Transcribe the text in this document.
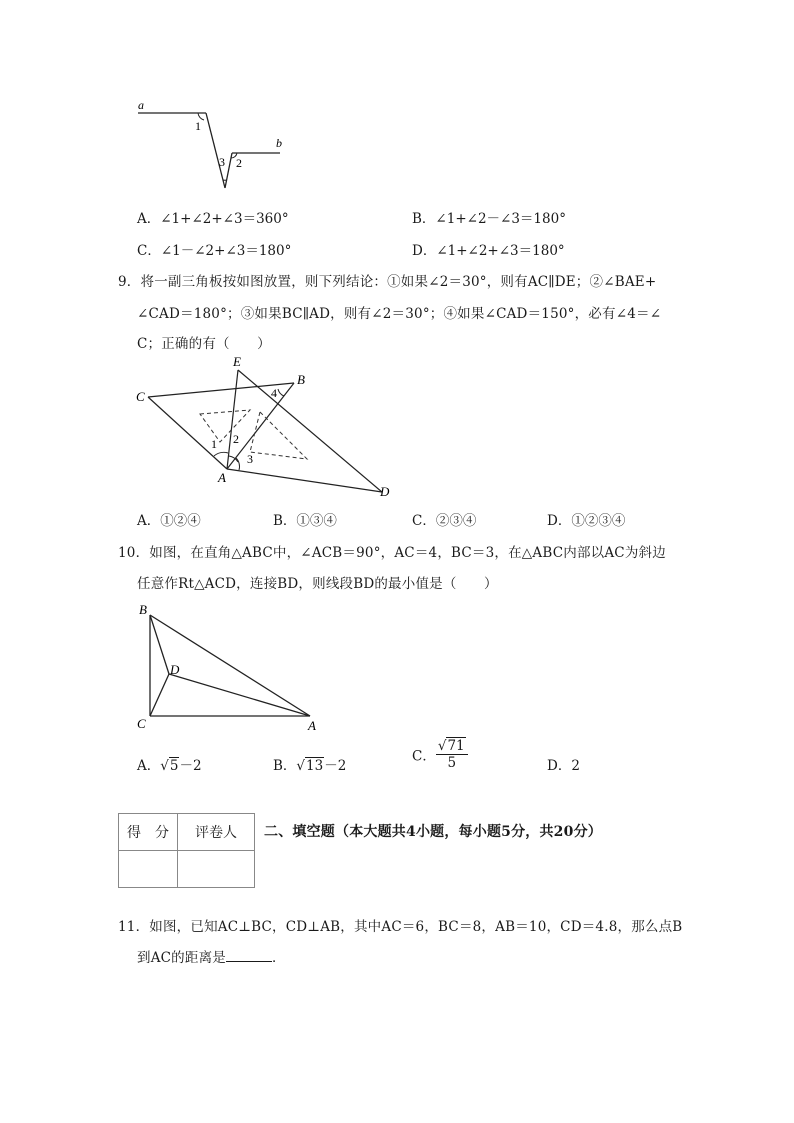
a
b
1
3 2
A．∠1+∠2+∠3＝360°	B．∠1+∠2－∠3＝180°
C．∠1－∠2+∠3＝180°	D．∠1+∠2+∠3＝180°
9．将一副三角板按如图放置，则下列结论：①如果∠2＝30°，则有AC∥DE；②∠BAE+
∠CAD＝180°；③如果BC∥AD，则有∠2＝30°；④如果∠CAD＝150°，必有∠4＝∠
C；正确的有（　　）
E
B
C
A
D
1 2
3
4
A．①②④	B．①③④	C．②③④	D．①②③④
10．如图，在直角△ABC中，∠ACB＝90°，AC＝4，BC＝3，在△ABC内部以AC为斜边
任意作Rt△ACD，连接BD，则线段BD的最小值是（　　）
B
D
C	A
A．√5－2	B．√13－2
C． $\frac{√71}{5}$	D．2
得　分	评卷人
	二、填空题（本大题共4小题，每小题5分，共20分）
11．如图，已知AC⊥BC，CD⊥AB，其中AC＝6，BC＝8，AB＝10，CD＝4.8，那么点B
到AC的距离是	．
